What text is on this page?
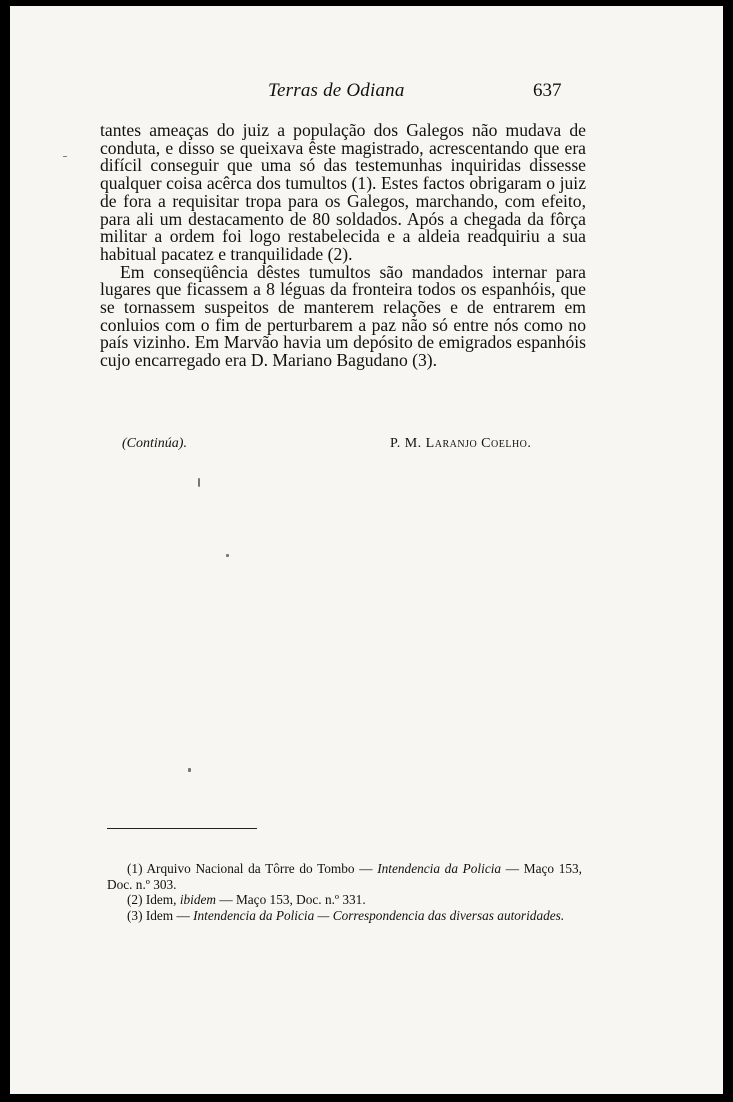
Terras de Odiana	637

tantes ameaças do juiz a população dos Galegos não mudava de conduta, e disso se queixava êste magistrado, acrescentando que era difícil conseguir que uma só das testemunhas inquiridas dissesse qualquer coisa acêrca dos tumultos (1). Estes factos obrigaram o juiz de fora a requisitar tropa para os Galegos, marchando, com efeito, para ali um destacamento de 80 soldados. Após a chegada da fôrça militar a ordem foi logo restabelecida e a aldeia readquiriu a sua habitual pacatez e tranquilidade (2).

Em conseqüência dêstes tumultos são mandados internar para lugares que ficassem a 8 léguas da fronteira todos os espanhóis, que se tornassem suspeitos de manterem relações e de entrarem em conluios com o fim de perturbarem a paz não só entre nós como no país vizinho. Em Marvão havia um depósito de emigrados espanhóis cujo encarregado era D. Mariano Bagudano (3).

(Continúa).	P. M. Laranjo Coelho.

(1) Arquivo Nacional da Tôrre do Tombo — Intendencia da Policia — Maço 153, Doc. n.º 303.

(2) Idem, ibidem — Maço 153, Doc. n.º 331.

(3) Idem — Intendencia da Policia — Correspondencia das diversas autoridades.
